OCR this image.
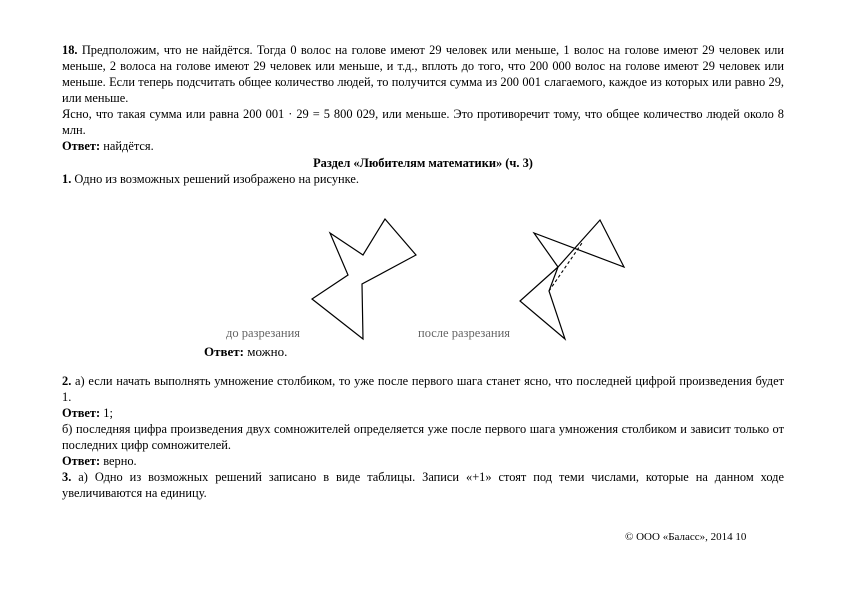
18. Предположим, что не найдётся. Тогда 0 волос на голове имеют 29 человек или меньше, 1 волос на голове имеют 29 человек или меньше, 2 волоса на голове имеют 29 человек или меньше, и т.д., вплоть до того, что 200 000 волос на голове имеют 29 человек или меньше. Если теперь подсчитать общее количество людей, то получится сумма из 200 001 слагаемого, каждое из которых или равно 29, или меньше.

Ясно, что такая сумма или равна 200 001 · 29 = 5 800 029, или меньше. Это противоречит тому, что общее количество людей около 8 млн.

Ответ: найдётся.

Раздел «Любителям математики» (ч. 3)

1. Одно из возможных решений изображено на рисунке.

до разрезания	после разрезания
Ответ: можно.

2. а) если начать выполнять умножение столбиком, то уже после первого шага станет ясно, что последней цифрой произведения будет 1.

Ответ: 1;

б) последняя цифра произведения двух сомножителей определяется уже после первого шага умножения столбиком и зависит только от последних цифр сомножителей.

Ответ: верно.

3. а) Одно из возможных решений записано в виде таблицы. Записи «+1» стоят под теми числами, которые на данном ходе увеличиваются на единицу.

© ООО «Баласс», 2014 10
